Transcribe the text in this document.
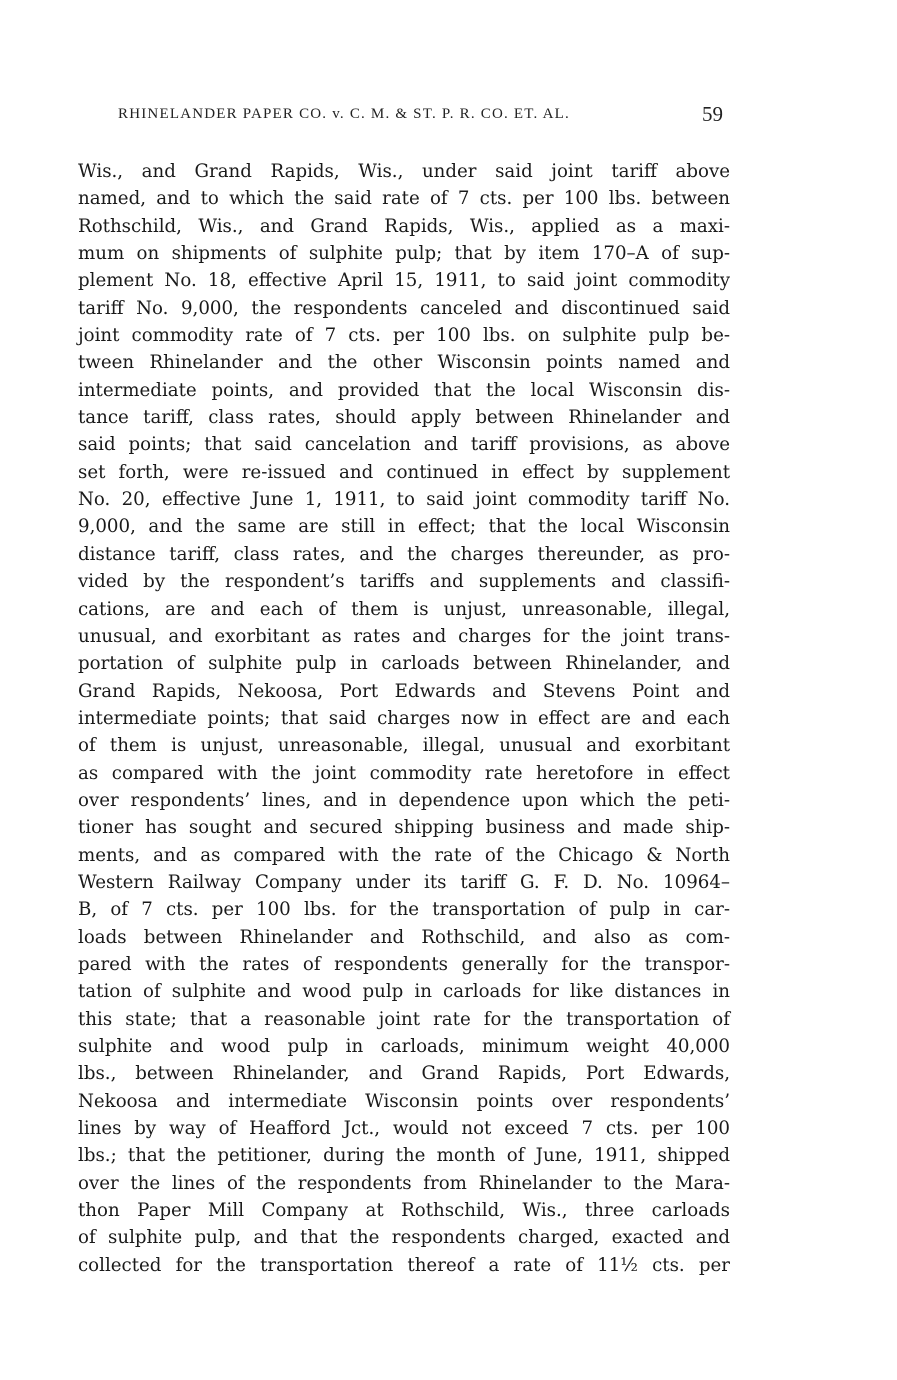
RHINELANDER PAPER CO. v. C. M. & ST. P. R. CO. ET. AL.	59
Wis., and Grand Rapids, Wis., under said joint tariff above
named, and to which the said rate of 7 cts. per 100 lbs. between
Rothschild, Wis., and Grand Rapids, Wis., applied as a maxi-
mum on shipments of sulphite pulp; that by item 170–A of sup-
plement No. 18, effective April 15, 1911, to said joint commodity
tariff No. 9,000, the respondents canceled and discontinued said
joint commodity rate of 7 cts. per 100 lbs. on sulphite pulp be-
tween Rhinelander and the other Wisconsin points named and
intermediate points, and provided that the local Wisconsin dis-
tance tariff, class rates, should apply between Rhinelander and
said points; that said cancelation and tariff provisions, as above
set forth, were re-issued and continued in effect by supplement
No. 20, effective June 1, 1911, to said joint commodity tariff No.
9,000, and the same are still in effect; that the local Wisconsin
distance tariff, class rates, and the charges thereunder, as pro-
vided by the respondent’s tariffs and supplements and classifi-
cations, are and each of them is unjust, unreasonable, illegal,
unusual, and exorbitant as rates and charges for the joint trans-
portation of sulphite pulp in carloads between Rhinelander, and
Grand Rapids, Nekoosa, Port Edwards and Stevens Point and
intermediate points; that said charges now in effect are and each
of them is unjust, unreasonable, illegal, unusual and exorbitant
as compared with the joint commodity rate heretofore in effect
over respondents’ lines, and in dependence upon which the peti-
tioner has sought and secured shipping business and made ship-
ments, and as compared with the rate of the Chicago & North
Western Railway Company under its tariff G. F. D. No. 10964–
B, of 7 cts. per 100 lbs. for the transportation of pulp in car-
loads between Rhinelander and Rothschild, and also as com-
pared with the rates of respondents generally for the transpor-
tation of sulphite and wood pulp in carloads for like distances in
this state; that a reasonable joint rate for the transportation of
sulphite and wood pulp in carloads, minimum weight 40,000
lbs., between Rhinelander, and Grand Rapids, Port Edwards,
Nekoosa and intermediate Wisconsin points over respondents’
lines by way of Heafford Jct., would not exceed 7 cts. per 100
lbs.; that the petitioner, during the month of June, 1911, shipped
over the lines of the respondents from Rhinelander to the Mara-
thon Paper Mill Company at Rothschild, Wis., three carloads
of sulphite pulp, and that the respondents charged, exacted and
collected for the transportation thereof a rate of 11½ cts. per
